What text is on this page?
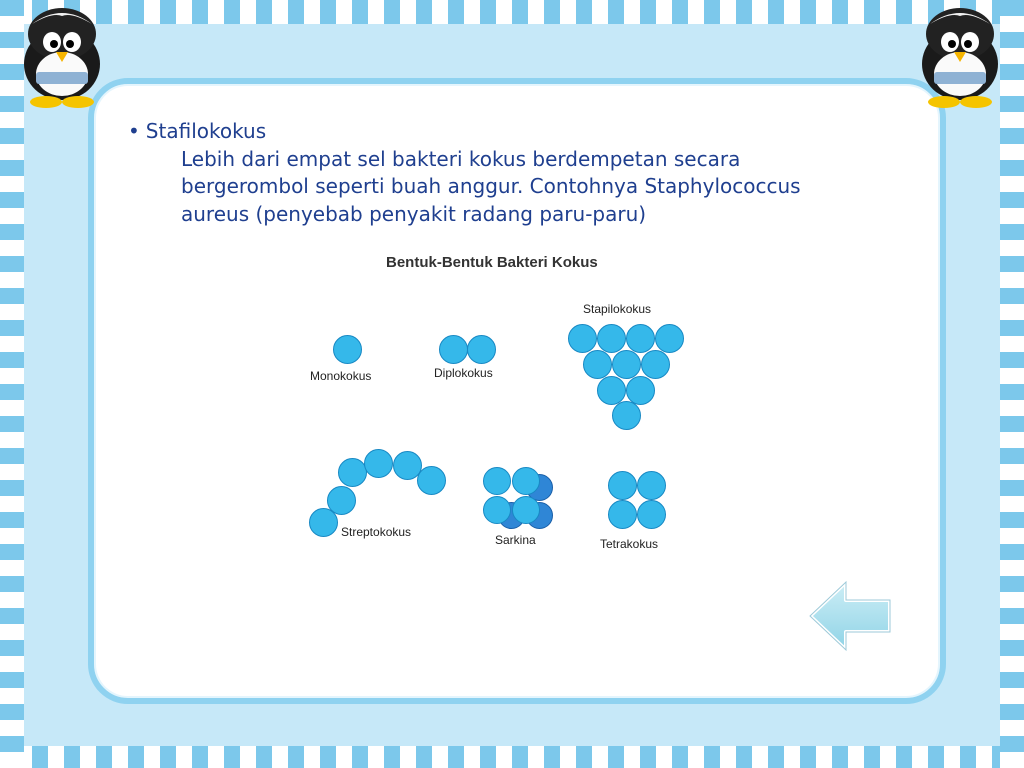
• Stafilokokus
Lebih dari empat sel bakteri kokus berdempetan secara
bergerombol seperti buah anggur. Contohnya Staphylococcus
aureus (penyebab penyakit radang paru-paru)
Bentuk-Bentuk Bakteri Kokus
Monokokus	Diplokokus
Stapilokokus
Streptokokus
Sarkina	Tetrakokus
